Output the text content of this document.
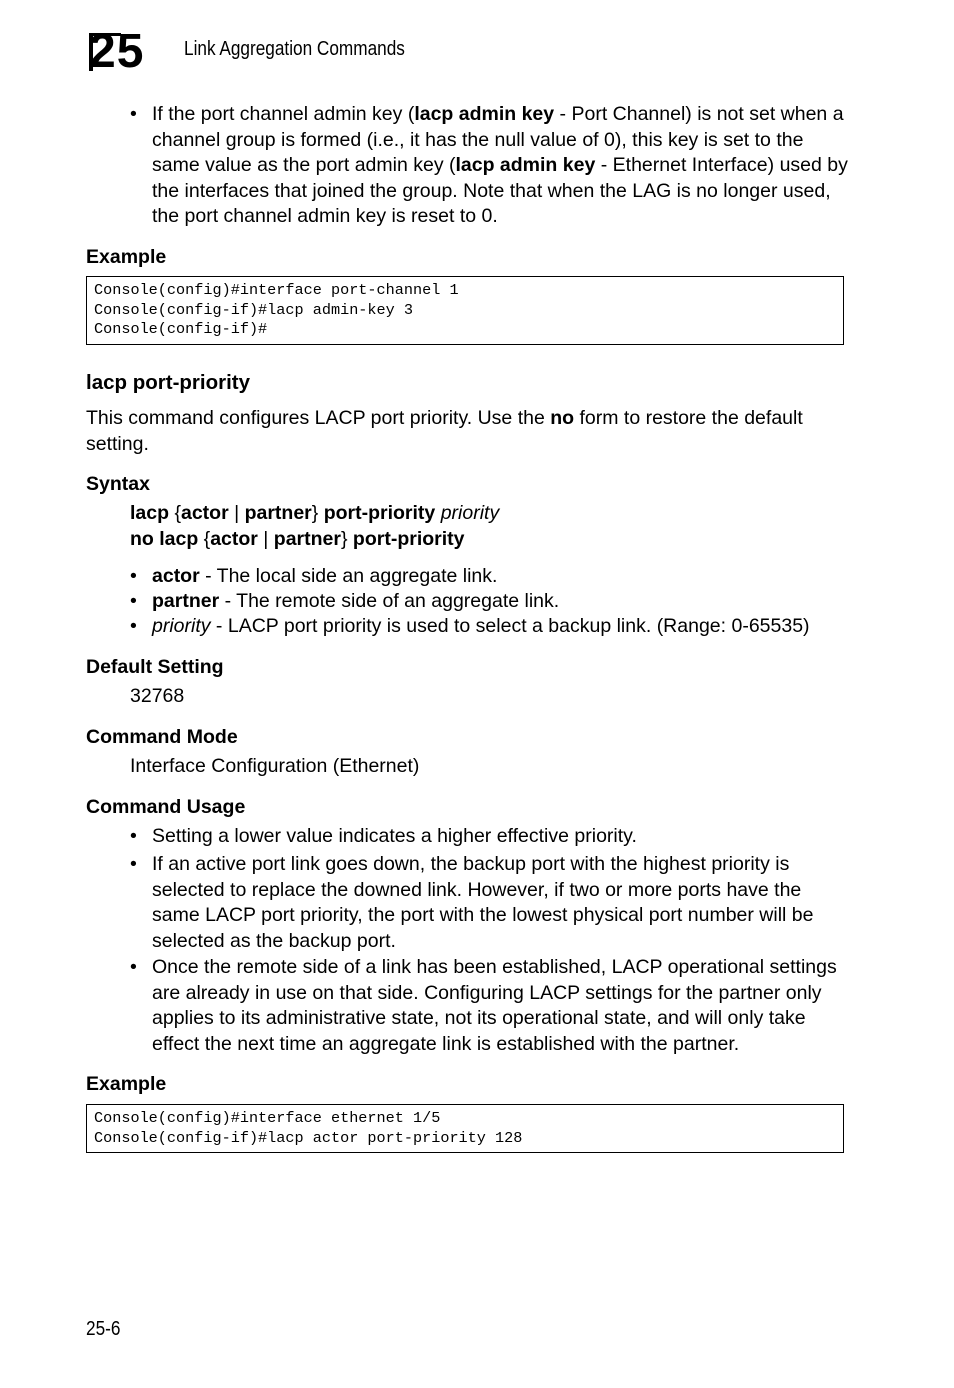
25 Link Aggregation Commands
• If the port channel admin key (lacp admin key - Port Channel) is not set when a channel group is formed (i.e., it has the null value of 0), this key is set to the same value as the port admin key (lacp admin key - Ethernet Interface) used by the interfaces that joined the group. Note that when the LAG is no longer used, the port channel admin key is reset to 0.
Example
Console(config)#interface port-channel 1
Console(config-if)#lacp admin-key 3
Console(config-if)#
lacp port-priority
This command configures LACP port priority. Use the no form to restore the default setting.
Syntax
lacp {actor | partner} port-priority priority
no lacp {actor | partner} port-priority
• actor - The local side an aggregate link.
• partner - The remote side of an aggregate link.
• priority - LACP port priority is used to select a backup link. (Range: 0-65535)
Default Setting
32768
Command Mode
Interface Configuration (Ethernet)
Command Usage
• Setting a lower value indicates a higher effective priority.
• If an active port link goes down, the backup port with the highest priority is selected to replace the downed link. However, if two or more ports have the same LACP port priority, the port with the lowest physical port number will be selected as the backup port.
• Once the remote side of a link has been established, LACP operational settings are already in use on that side. Configuring LACP settings for the partner only applies to its administrative state, not its operational state, and will only take effect the next time an aggregate link is established with the partner.
Example
Console(config)#interface ethernet 1/5
Console(config-if)#lacp actor port-priority 128
25-6
